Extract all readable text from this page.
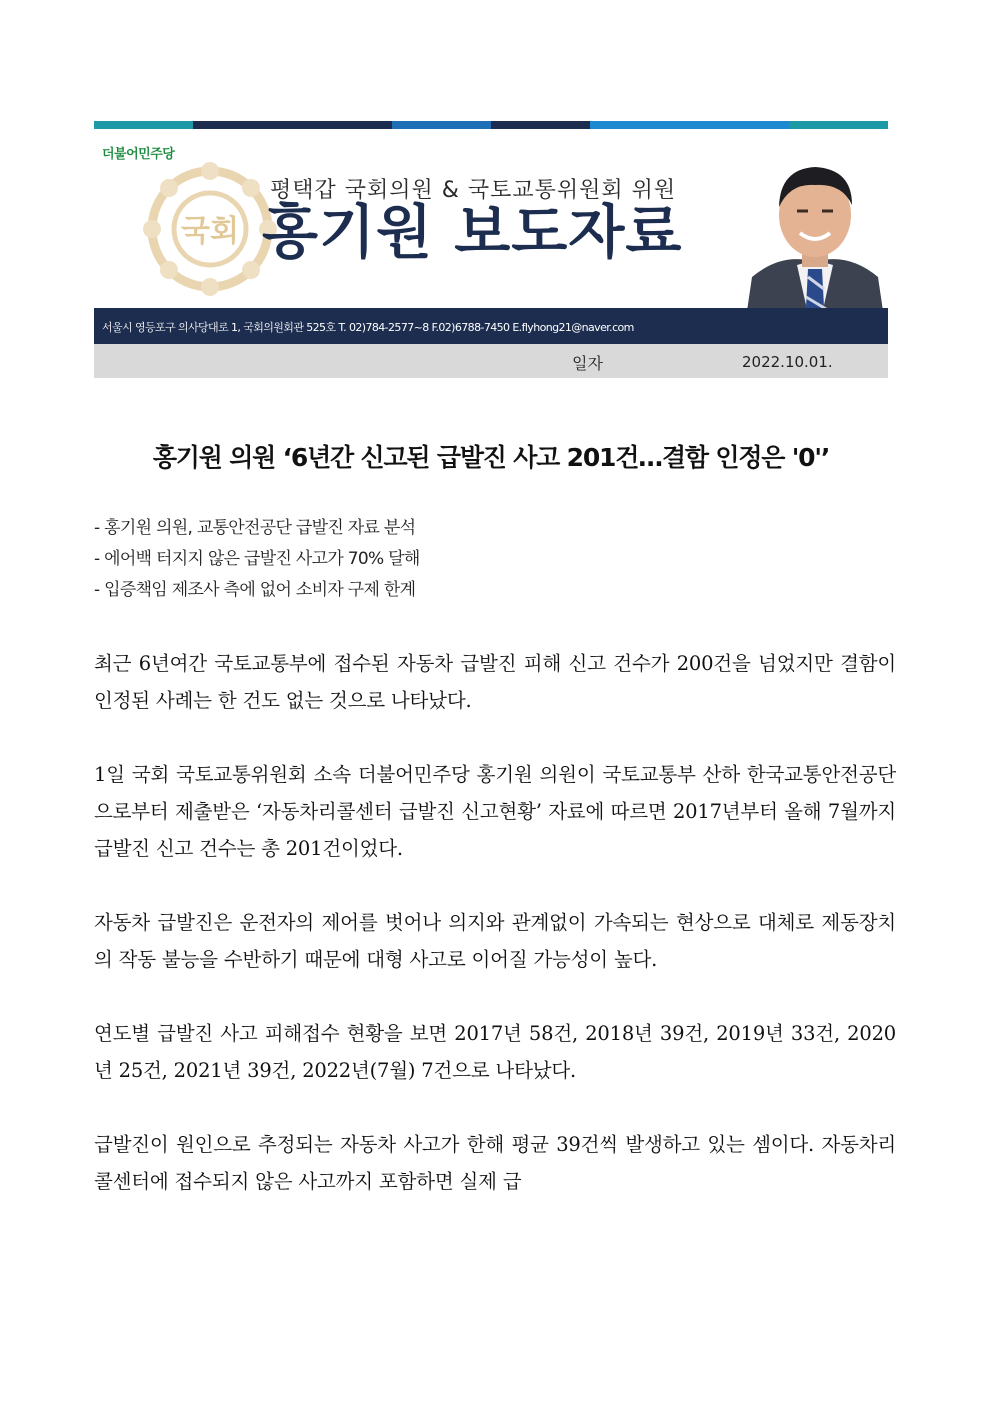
더불어민주당
국회
평택갑 국회의원 & 국토교통위원회 위원
홍기원 보도자료
서울시 영등포구 의사당대로 1, 국회의원회관 525호 T. 02)784-2577~8 F.02)6788-7450 E.flyhong21@naver.com
일자	2022.10.01.
홍기원 의원 ‘6년간 신고된 급발진 사고 201건…결함 인정은 '0'’
- 홍기원 의원, 교통안전공단 급발진 자료 분석
- 에어백 터지지 않은 급발진 사고가 70% 달해
- 입증책임 제조사 측에 없어 소비자 구제 한계

최근 6년여간 국토교통부에 접수된 자동차 급발진 피해 신고 건수가 200건을 넘었지만 결함이 인정된 사례는 한 건도 없는 것으로 나타났다.

1일 국회 국토교통위원회 소속 더불어민주당 홍기원 의원이 국토교통부 산하 한국교통안전공단으로부터 제출받은 ‘자동차리콜센터 급발진 신고현황’ 자료에 따르면 2017년부터 올해 7월까지 급발진 신고 건수는 총 201건이었다.

자동차 급발진은 운전자의 제어를 벗어나 의지와 관계없이 가속되는 현상으로 대체로 제동장치의 작동 불능을 수반하기 때문에 대형 사고로 이어질 가능성이 높다.

연도별 급발진 사고 피해접수 현황을 보면 2017년 58건, 2018년 39건, 2019년 33건, 2020년 25건, 2021년 39건, 2022년(7월) 7건으로 나타났다.

급발진이 원인으로 추정되는 자동차 사고가 한해 평균 39건씩 발생하고 있는 셈이다. 자동차리콜센터에 접수되지 않은 사고까지 포함하면 실제 급
